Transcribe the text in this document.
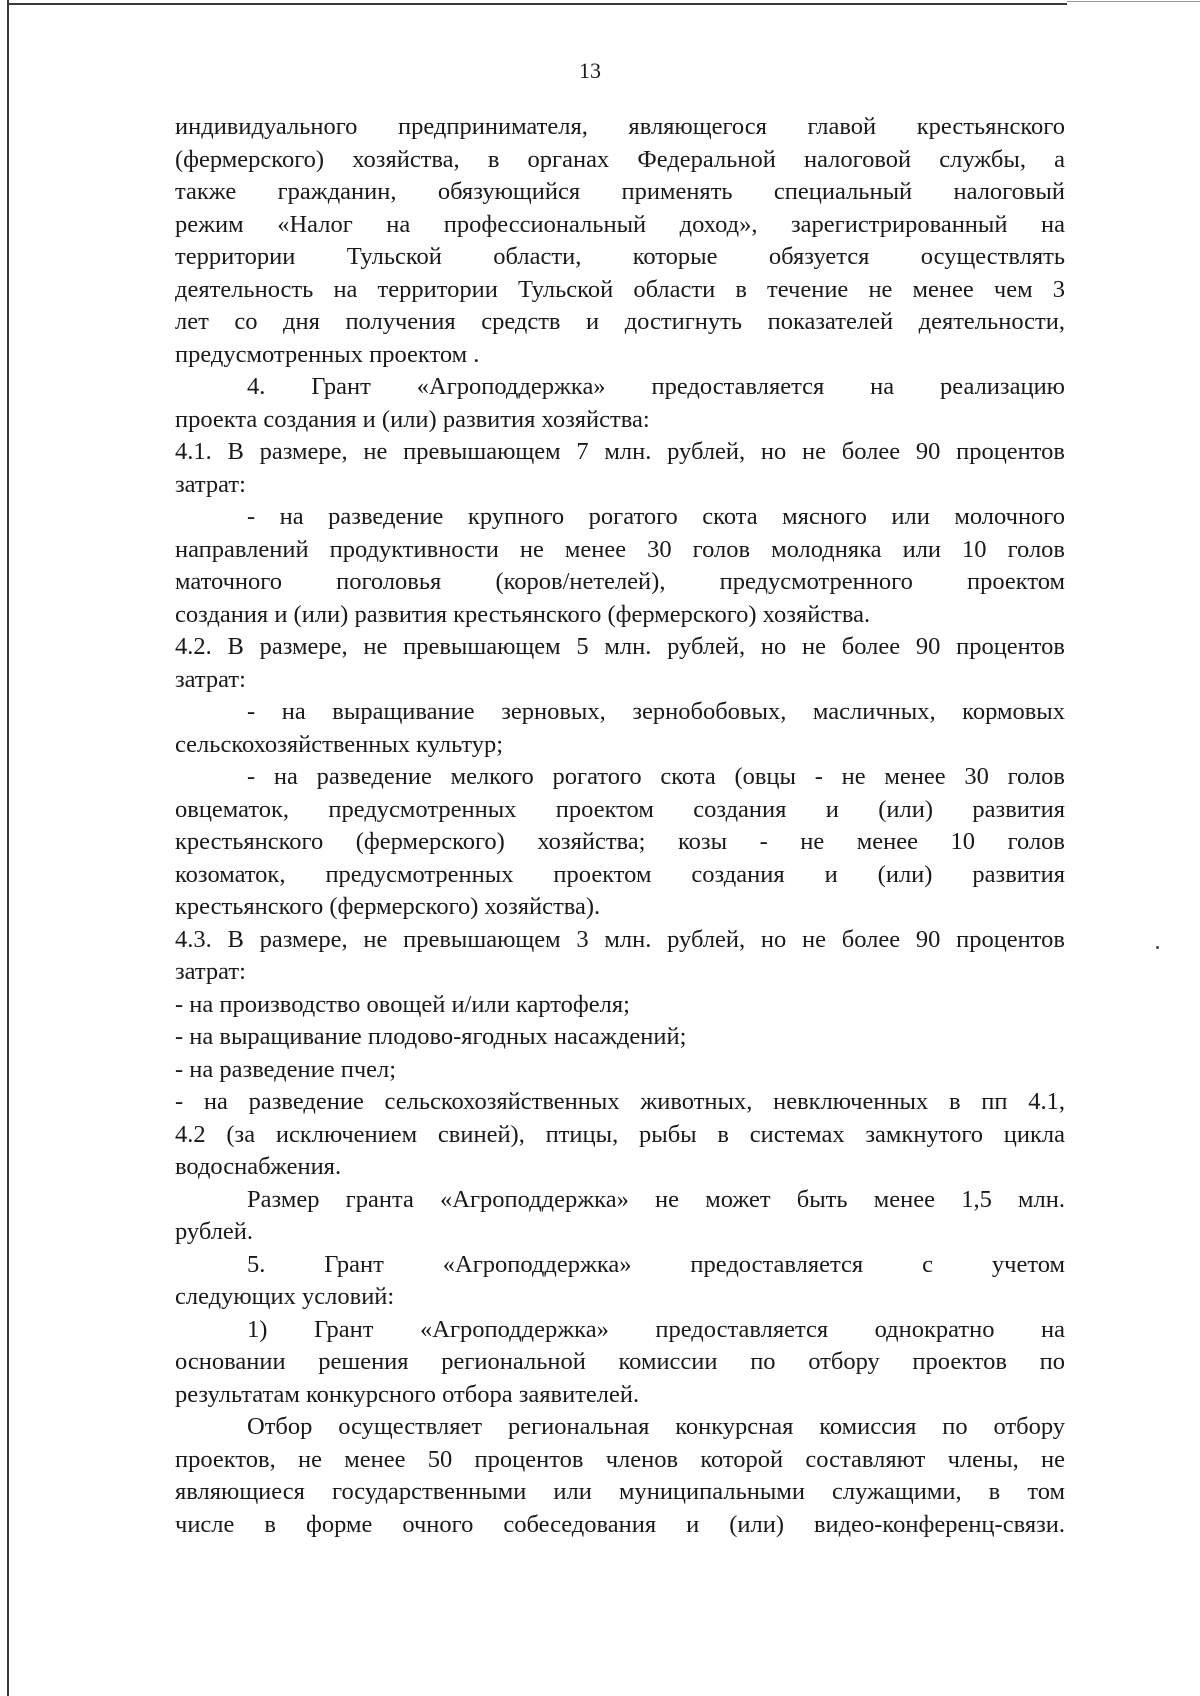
13
индивидуального предпринимателя, являющегося главой крестьянского
(фермерского) хозяйства, в органах Федеральной налоговой службы, а
также гражданин, обязующийся применять специальный налоговый
режим «Налог на профессиональный доход», зарегистрированный на
территории Тульской области, которые обязуется осуществлять
деятельность на территории Тульской области в течение не менее чем 3
лет со дня получения средств и достигнуть показателей деятельности,
предусмотренных проектом .
4. Грант «Агроподдержка» предоставляется на реализацию
проекта создания и (или) развития хозяйства:
4.1. В размере, не превышающем 7 млн. рублей, но не более 90 процентов
затрат:
- на разведение крупного рогатого скота мясного или молочного
направлений продуктивности не менее 30 голов молодняка или 10 голов
маточного поголовья (коров/нетелей), предусмотренного проектом
создания и (или) развития крестьянского (фермерского) хозяйства.
4.2. В размере, не превышающем 5 млн. рублей, но не более 90 процентов
затрат:
- на выращивание зерновых, зернобобовых, масличных, кормовых
сельскохозяйственных культур;
- на разведение мелкого рогатого скота (овцы - не менее 30 голов
овцематок, предусмотренных проектом создания и (или) развития
крестьянского (фермерского) хозяйства; козы - не менее 10 голов
козоматок, предусмотренных проектом создания и (или) развития
крестьянского (фермерского) хозяйства).
4.3. В размере, не превышающем 3 млн. рублей, но не более 90 процентов
затрат:
- на производство овощей и/или картофеля;
- на выращивание плодово-ягодных насаждений;
- на разведение пчел;
- на разведение сельскохозяйственных животных, невключенных в пп 4.1,
4.2 (за исключением свиней), птицы, рыбы в системах замкнутого цикла
водоснабжения.
Размер гранта «Агроподдержка» не может быть менее 1,5 млн.
рублей.
5. Грант «Агроподдержка» предоставляется с учетом
следующих условий:
1) Грант «Агроподдержка» предоставляется однократно на
основании решения региональной комиссии по отбору проектов по
результатам конкурсного отбора заявителей.
Отбор осуществляет региональная конкурсная комиссия по отбору
проектов, не менее 50 процентов членов которой составляют члены, не
являющиеся государственными или муниципальными служащими, в том
числе в форме очного собеседования и (или) видео-конференц-связи.
